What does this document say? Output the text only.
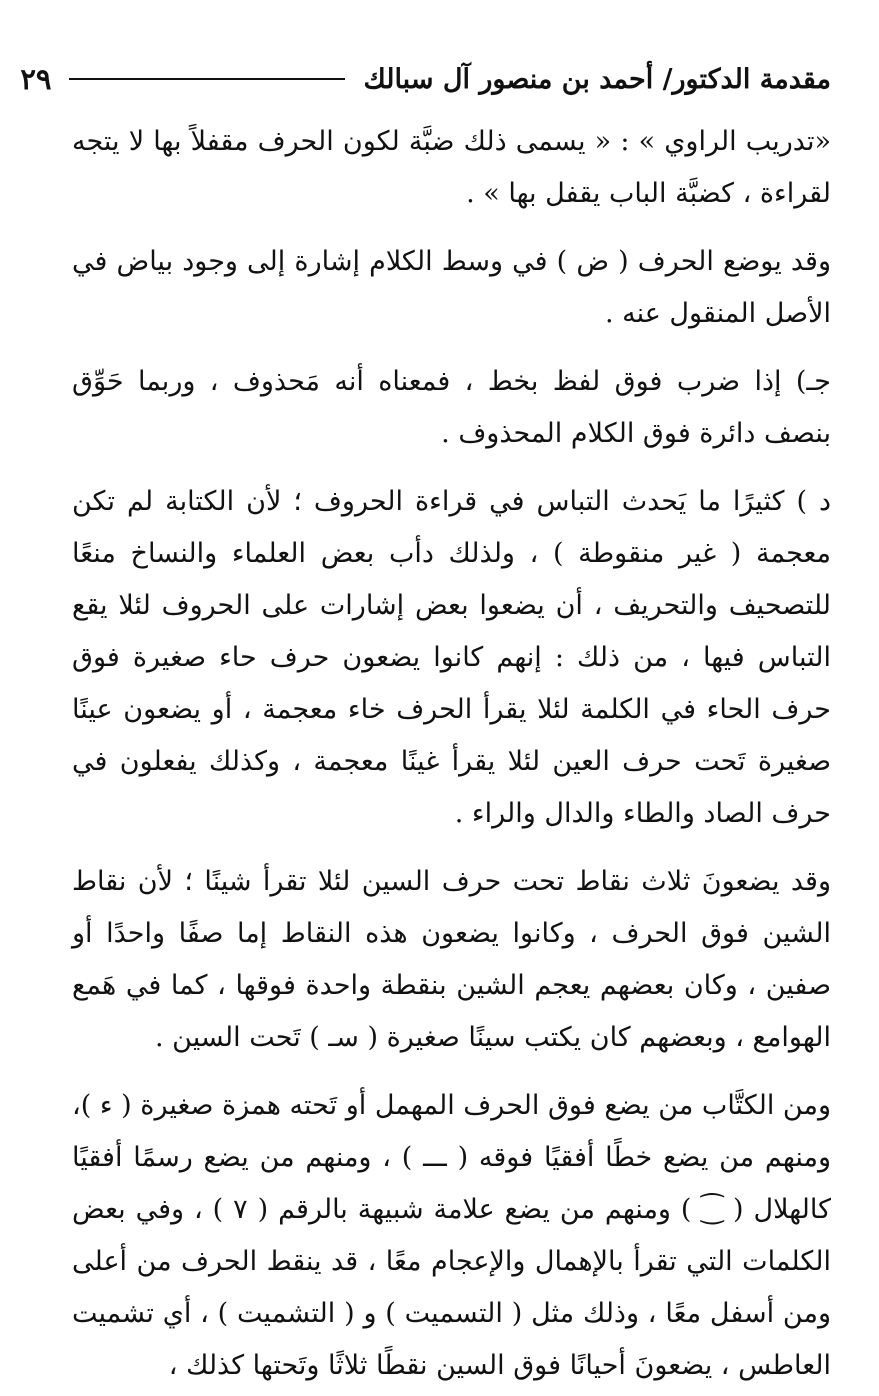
مقدمة الدكتور/ أحمد بن منصور آل سبالك
٢٩

«تدريب الراوي » : « يسمى ذلك ضبَّة لكون الحرف مقفلاً بها لا يتجه لقراءة ، كضبَّة الباب يقفل بها » .

وقد يوضع الحرف ( ض ) في وسط الكلام إشارة إلى وجود بياض في الأصل المنقول عنه .

جـ) إذا ضرب فوق لفظ بخط ، فمعناه أنه مَحذوف ، وربما حَوِّق بنصف دائرة فوق الكلام المحذوف .

د ) كثيرًا ما يَحدث التباس في قراءة الحروف ؛ لأن الكتابة لم تكن معجمة ( غير منقوطة ) ، ولذلك دأب بعض العلماء والنساخ منعًا للتصحيف والتحريف ، أن يضعوا بعض إشارات على الحروف لئلا يقع التباس فيها ، من ذلك : إنهم كانوا يضعون حرف حاء صغيرة فوق حرف الحاء في الكلمة لئلا يقرأ الحرف خاء معجمة ، أو يضعون عينًا صغيرة تَحت حرف العين لئلا يقرأ غينًا معجمة ، وكذلك يفعلون في حرف الصاد والطاء والدال والراء .

وقد يضعونَ ثلاث نقاط تحت حرف السين لئلا تقرأ شينًا ؛ لأن نقاط الشين فوق الحرف ، وكانوا يضعون هذه النقاط إما صفًا واحدًا أو صفين ، وكان بعضهم يعجم الشين بنقطة واحدة فوقها ، كما في هَمع الهوامع ، وبعضهم كان يكتب سينًا صغيرة ( سـ ) تَحت السين .

ومن الكتَّاب من يضع فوق الحرف المهمل أو تَحته همزة صغيرة ( ء )، ومنهم من يضع خطًا أفقيًا فوقه ( ـــ ) ، ومنهم من يضع رسمًا أفقيًا كالهلال ( ⁐ ) ومنهم من يضع علامة شبيهة بالرقم ( ٧ ) ، وفي بعض الكلمات التي تقرأ بالإهمال والإعجام معًا ، قد ينقط الحرف من أعلى ومن أسفل معًا ، وذلك مثل ( التسميت ) و ( التشميت ) ، أي تشميت العاطس ، يضعونَ أحيانًا فوق السين نقطًا ثلاثًا وتَحتها كذلك ،
